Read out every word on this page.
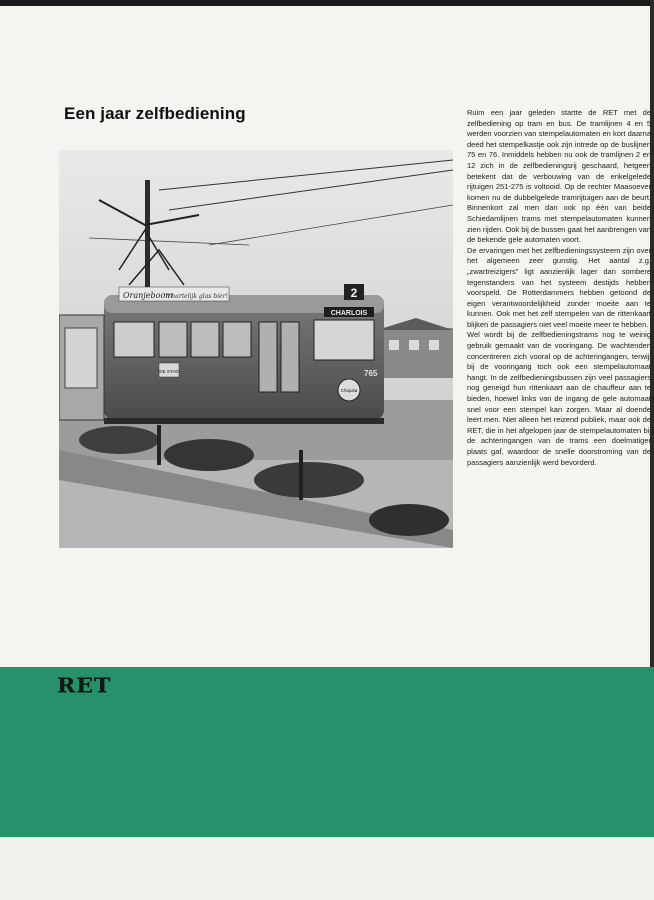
Een jaar zelfbediening
2
CHARLOIS
Oranjeboom
'n hartelijk glas bier!
DE STAD
Chiquita
765

Ruim een jaar geleden startte de RET met de zelfbediening op tram en bus. De tramlijnen 4 en 5 werden voorzien van stempelautomaten en kort daarna deed het stempelkastje ook zijn intrede op de buslijnen 75 en 76. Inmiddels hebben nu ook de tramlijnen 2 en 12 zich in de zelfbedieningsrij geschaard, hetgeen betekent dat de verbouwing van de enkelgelede rijtuigen 251-275 is voltooid. Op de rechter Maasoever komen nu de dubbelgelede tramrijtuigen aan de beurt. Binnenkort zal men dan ook op één van beide Schiedamlijnen trams met stempelautomaten kunnen zien rijden. Ook bij de bussen gaat het aanbrengen van de bekende gele automaten voort.

De ervaringen met het zelfbedieningssysteem zijn over het algemeen zeer gunstig. Het aantal z.g. „zwartreizigers" ligt aanzienlijk lager dan sombere tegenstanders van het systeem destijds hebben voorspeld. De Rotterdammers hebben getoond de eigen verantwoordelijkheid zonder moeite aan te kunnen. Ook met het zelf stempelen van de rittenkaart blijken de passagiers niet veel moeite meer te hebben.

Wel wordt bij de zelfbedieningstrams nog te weinig gebruik gemaakt van de vooringang. De wachtenden concentreren zich vooral op de achteringangen, terwijl bij de vooringang toch ook een stempelautomaat hangt. In de zelfbedieningsbussen zijn veel passagiers nog geneigd hun rittenkaart aan de chauffeur aan te bieden, hoewel links van de ingang de gele automaat snel voor een stempel kan zorgen. Maar al doende leert men. Niet alleen het reizend publiek, maar ook de RET, die in het afgelopen jaar de stempelautomaten bij de achteringangen van de trams een doelmatiger plaats gaf, waardoor de snelle doorstroming van de passagiers aanzienlijk werd bevorderd.

RET
